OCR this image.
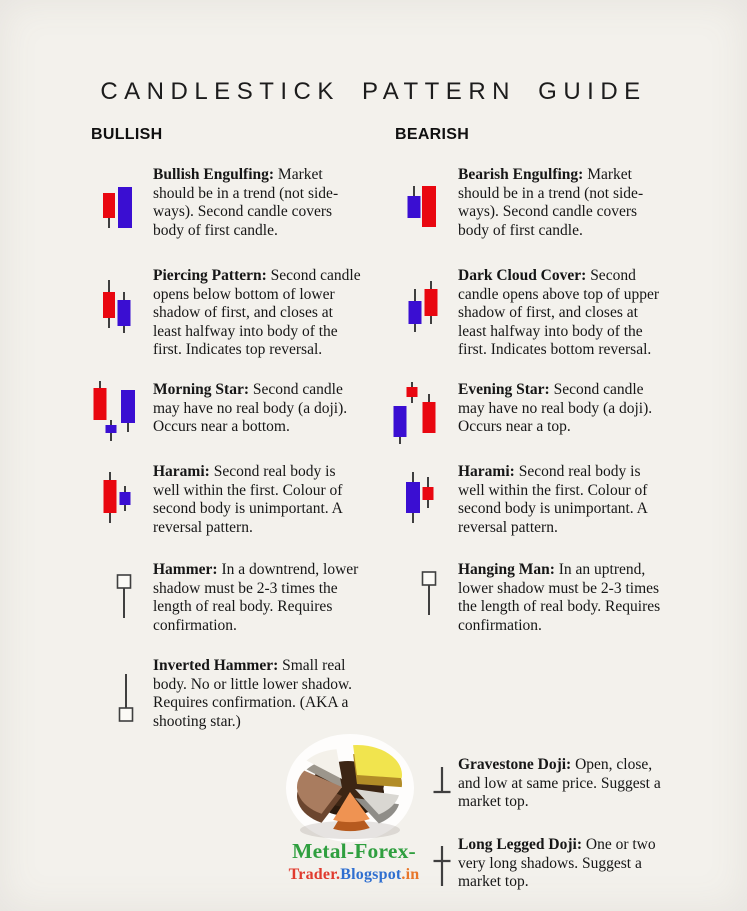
CANDLESTICK PATTERN GUIDE
BULLISH	BEARISH
Bullish Engulfing: Market
should be in a trend (not side-
ways). Second candle covers
body of first candle.
Piercing Pattern: Second candle
opens below bottom of lower
shadow of first, and closes at
least halfway into body of the
first. Indicates top reversal.
Morning Star: Second candle
may have no real body (a doji).
Occurs near a bottom.
Harami: Second real body is
well within the first. Colour of
second body is unimportant. A
reversal pattern.
Hammer: In a downtrend, lower
shadow must be 2-3 times the
length of real body. Requires
confirmation.
Inverted Hammer: Small real
body. No or little lower shadow.
Requires confirmation. (AKA a
shooting star.)
Bearish Engulfing: Market
should be in a trend (not side-
ways). Second candle covers
body of first candle.
Dark Cloud Cover: Second
candle opens above top of upper
shadow of first, and closes at
least halfway into body of the
first. Indicates bottom reversal.
Evening Star: Second candle
may have no real body (a doji).
Occurs near a top.
Harami: Second real body is
well within the first. Colour of
second body is unimportant. A
reversal pattern.
Hanging Man: In an uptrend,
lower shadow must be 2-3 times
the length of real body. Requires
confirmation.
Gravestone Doji: Open, close,
and low at same price. Suggest a
market top.
Long Legged Doji: One or two
very long shadows. Suggest a
market top.
Metal-Forex-
Trader.Blogspot.in
